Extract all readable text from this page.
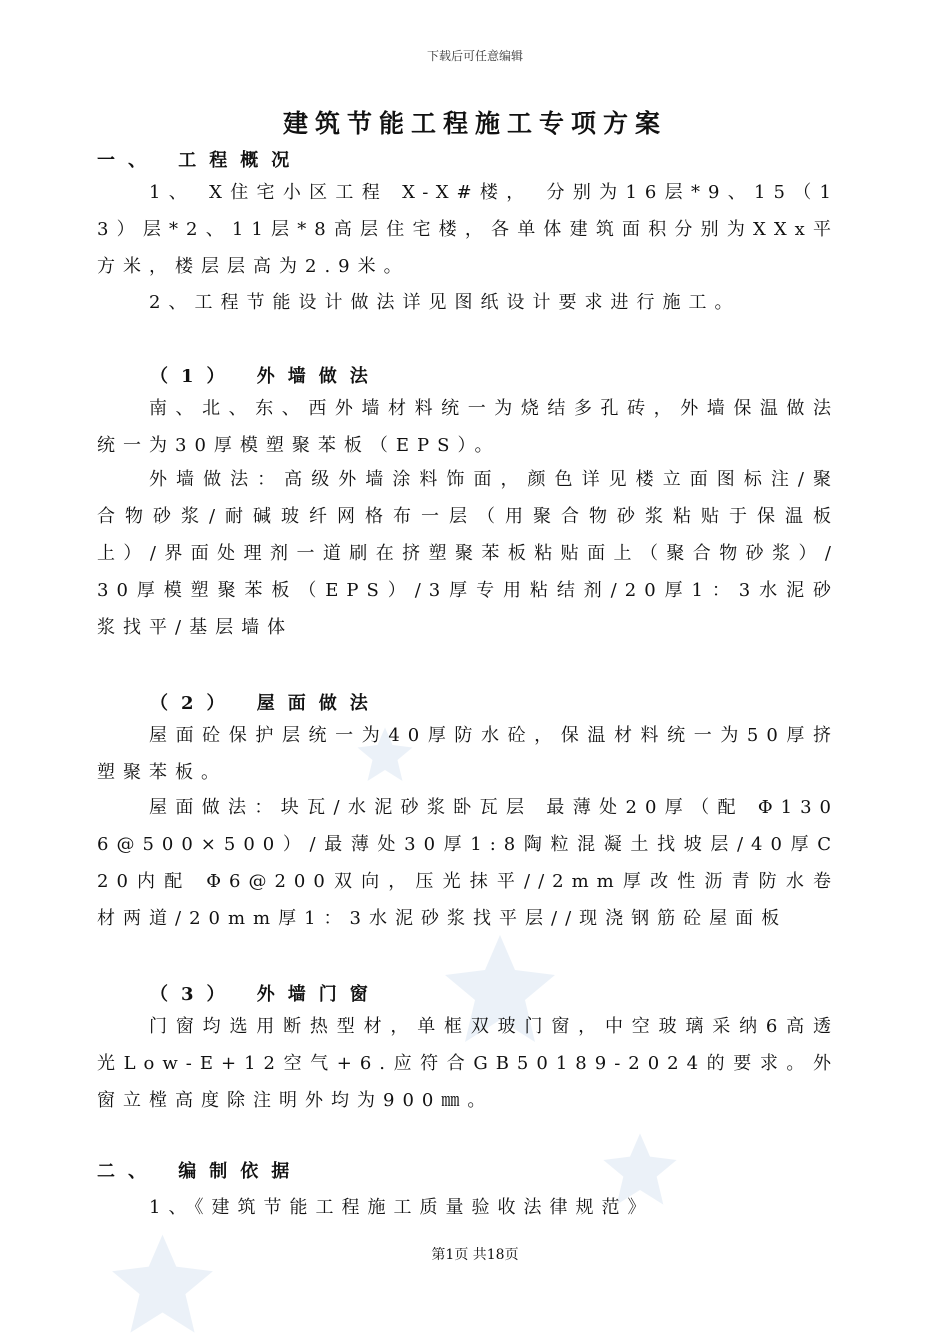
下载后可任意编辑
建筑节能工程施工专项方案
一、 工程概况
1、 X住宅小区工程 X-X#楼， 分别为16层*9、15（13）层*2、11层*8高层住宅楼，各单体建筑面积分别为XXx平方米，楼层层高为2.9米。
2、工程节能设计做法详见图纸设计要求进行施工。
（1） 外墙做法
南、北、东、西外墙材料统一为烧结多孔砖，外墙保温做法统一为30厚模塑聚苯板（EPS）。
外墙做法：高级外墙涂料饰面，颜色详见楼立面图标注/聚合物砂浆/耐碱玻纤网格布一层（用聚合物砂浆粘贴于保温板上）/界面处理剂一道刷在挤塑聚苯板粘贴面上（聚合物砂浆）/30厚模塑聚苯板（EPS）/3厚专用粘结剂/20厚1：3水泥砂浆找平/基层墙体
（2） 屋面做法
屋面砼保护层统一为40厚防水砼，保温材料统一为50厚挤塑聚苯板。
屋面做法：块瓦/水泥砂浆卧瓦层 最薄处20厚（配 Φ1306@500×500）/最薄处30厚1:8陶粒混凝土找坡层/40厚C20内配 Φ6@200双向，压光抹平//2mm厚改性沥青防水卷材两道/20mm厚1：3水泥砂浆找平层//现浇钢筋砼屋面板
（3） 外墙门窗
门窗均选用断热型材，单框双玻门窗，中空玻璃采纳6高透光Low-E+12空气+6.应符合GB50189-2024的要求。外窗立樘高度除注明外均为900㎜。
二、 编制依据
1、《建筑节能工程施工质量验收法律规范》
第1页 共18页
